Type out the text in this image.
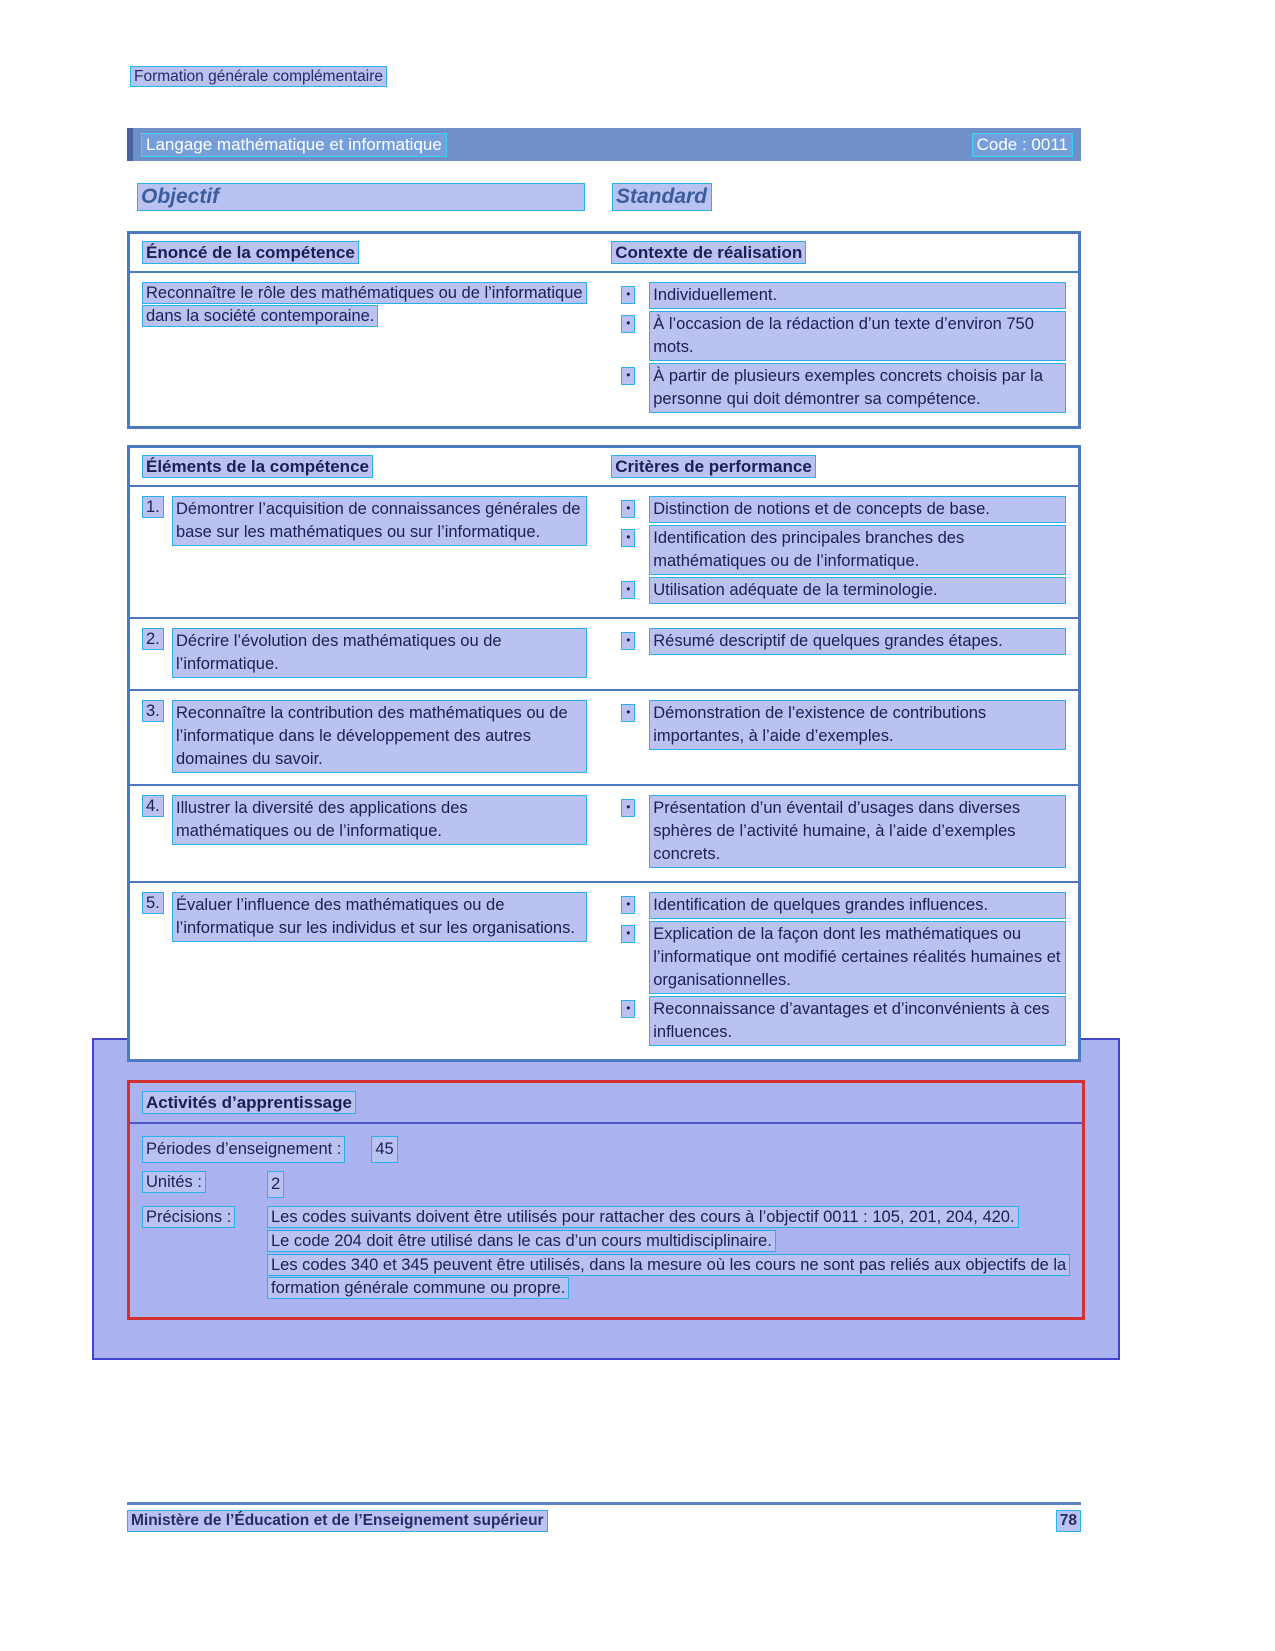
Formation générale complémentaire
Langage mathématique et informatique	Code : 0011
Objectif	Standard
Énoncé de la compétence	Contexte de réalisation
Reconnaître le rôle des mathématiques ou de l’informatique dans la société contemporaine.
•	Individuellement.
•	À l’occasion de la rédaction d’un texte d’environ 750 mots.
•	À partir de plusieurs exemples concrets choisis par la personne qui doit démontrer sa compétence.
Éléments de la compétence	Critères de performance
1. Démontrer l’acquisition de connaissances générales de base sur les mathématiques ou sur l’informatique.
•	Distinction de notions et de concepts de base.
•	Identification des principales branches des mathématiques ou de l’informatique.
•	Utilisation adéquate de la terminologie.
2. Décrire l’évolution des mathématiques ou de l’informatique.
•	Résumé descriptif de quelques grandes étapes.
3. Reconnaître la contribution des mathématiques ou de l’informatique dans le développement des autres domaines du savoir.
•	Démonstration de l’existence de contributions importantes, à l’aide d’exemples.
4. Illustrer la diversité des applications des mathématiques ou de l’informatique.
•	Présentation d’un éventail d’usages dans diverses sphères de l’activité humaine, à l’aide d’exemples concrets.
5. Évaluer l’influence des mathématiques ou de l’informatique sur les individus et sur les organisations.
•	Identification de quelques grandes influences.
•	Explication de la façon dont les mathématiques ou l’informatique ont modifié certaines réalités humaines et organisationnelles.
•	Reconnaissance d’avantages et d’inconvénients à ces influences.
Activités d’apprentissage
Périodes d’enseignement : 45
Unités :	2
Précisions :	Les codes suivants doivent être utilisés pour rattacher des cours à l’objectif 0011 : 105, 201, 204, 420.

Le code 204 doit être utilisé dans le cas d’un cours multidisciplinaire.

Les codes 340 et 345 peuvent être utilisés, dans la mesure où les cours ne sont pas reliés aux objectifs de la formation générale commune ou propre.

Ministère de l’Éducation et de l’Enseignement supérieur	78
